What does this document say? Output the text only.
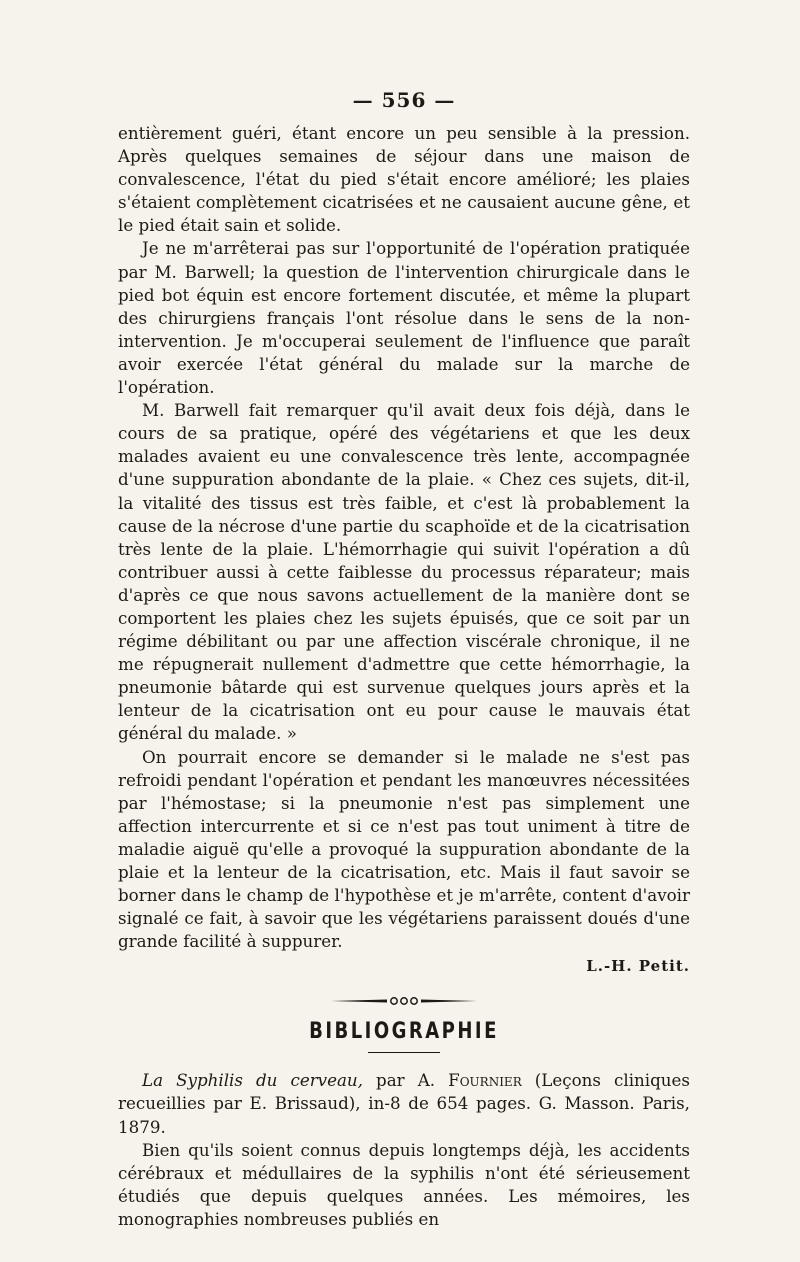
— 556 —

entièrement guéri, étant encore un peu sensible à la pression. Après quelques semaines de séjour dans une maison de convalescence, l'état du pied s'était encore amélioré; les plaies s'étaient complètement cicatrisées et ne causaient aucune gêne, et le pied était sain et solide.

Je ne m'arrêterai pas sur l'opportunité de l'opération pratiquée par M. Barwell; la question de l'intervention chirurgicale dans le pied bot équin est encore fortement discutée, et même la plupart des chirurgiens français l'ont résolue dans le sens de la non-intervention. Je m'occuperai seulement de l'influence que paraît avoir exercée l'état général du malade sur la marche de l'opération.

M. Barwell fait remarquer qu'il avait deux fois déjà, dans le cours de sa pratique, opéré des végétariens et que les deux malades avaient eu une convalescence très lente, accompagnée d'une suppuration abondante de la plaie. « Chez ces sujets, dit-il, la vitalité des tissus est très faible, et c'est là probablement la cause de la nécrose d'une partie du scaphoïde et de la cicatrisation très lente de la plaie. L'hémorrhagie qui suivit l'opération a dû contribuer aussi à cette faiblesse du processus réparateur; mais d'après ce que nous savons actuellement de la manière dont se comportent les plaies chez les sujets épuisés, que ce soit par un régime débilitant ou par une affection viscérale chronique, il ne me répugnerait nullement d'admettre que cette hémorrhagie, la pneumonie bâtarde qui est survenue quelques jours après et la lenteur de la cicatrisation ont eu pour cause le mauvais état général du malade. »

On pourrait encore se demander si le malade ne s'est pas refroidi pendant l'opération et pendant les manœuvres nécessitées par l'hémostase; si la pneumonie n'est pas simplement une affection intercurrente et si ce n'est pas tout uniment à titre de maladie aiguë qu'elle a provoqué la suppuration abondante de la plaie et la lenteur de la cicatrisation, etc. Mais il faut savoir se borner dans le champ de l'hypothèse et je m'arrête, content d'avoir signalé ce fait, à savoir que les végétariens paraissent doués d'une grande facilité à suppurer.

L.-H. Petit.
BIBLIOGRAPHIE

La Syphilis du cerveau, par A. Fournier (Leçons cliniques recueillies par E. Brissaud), in-8 de 654 pages. G. Masson. Paris, 1879.

Bien qu'ils soient connus depuis longtemps déjà, les accidents cérébraux et médullaires de la syphilis n'ont été sérieusement étudiés que depuis quelques années. Les mémoires, les monographies nombreuses publiés en
